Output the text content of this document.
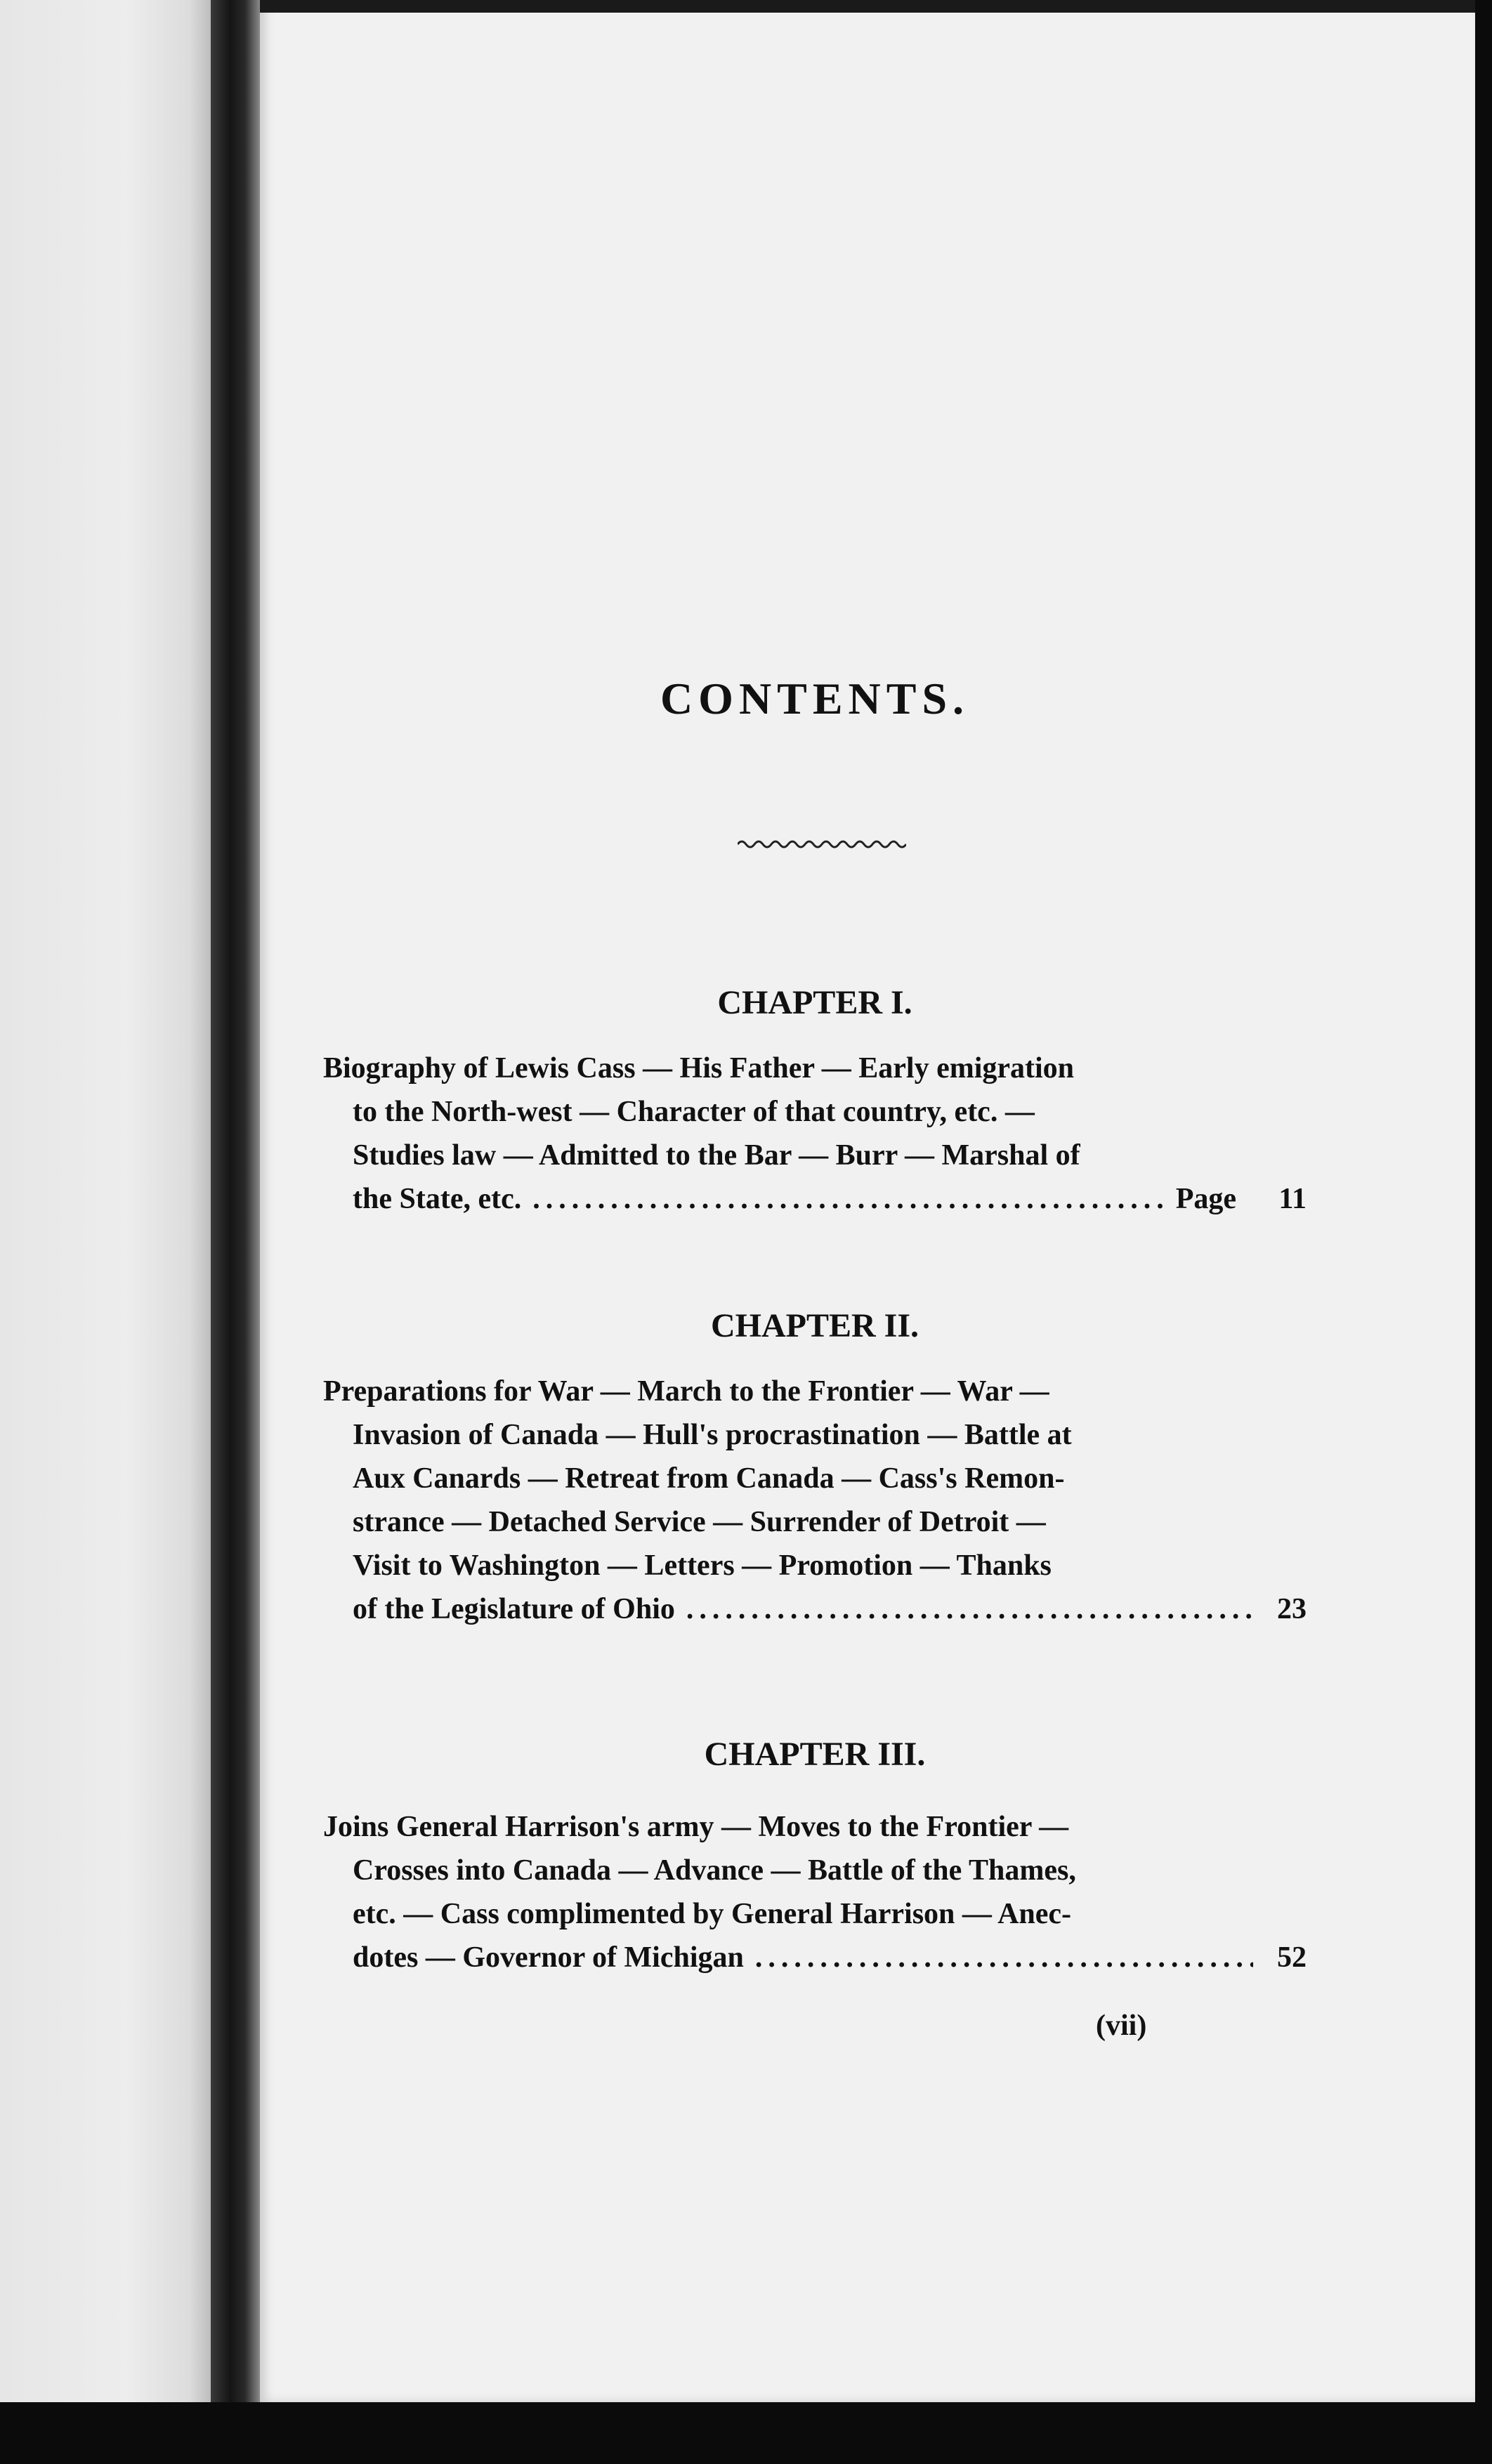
CONTENTS.
CHAPTER I.
Biography of Lewis Cass — His Father — Early emigration
to the North-west — Character of that country, etc. —
Studies law — Admitted to the Bar — Burr — Marshal of
the State, etc. .....	Page	11
CHAPTER II.
Preparations for War — March to the Frontier — War —
Invasion of Canada — Hull's procrastination — Battle at
Aux Canards — Retreat from Canada — Cass's Remon-
strance — Detached Service — Surrender of Detroit —
Visit to Washington — Letters — Promotion — Thanks
of the Legislature of Ohio .....	23
CHAPTER III.
Joins General Harrison's army — Moves to the Frontier —
Crosses into Canada — Advance — Battle of the Thames,
etc. — Cass complimented by General Harrison — Anec-
dotes — Governor of Michigan .....	52
(vii)
